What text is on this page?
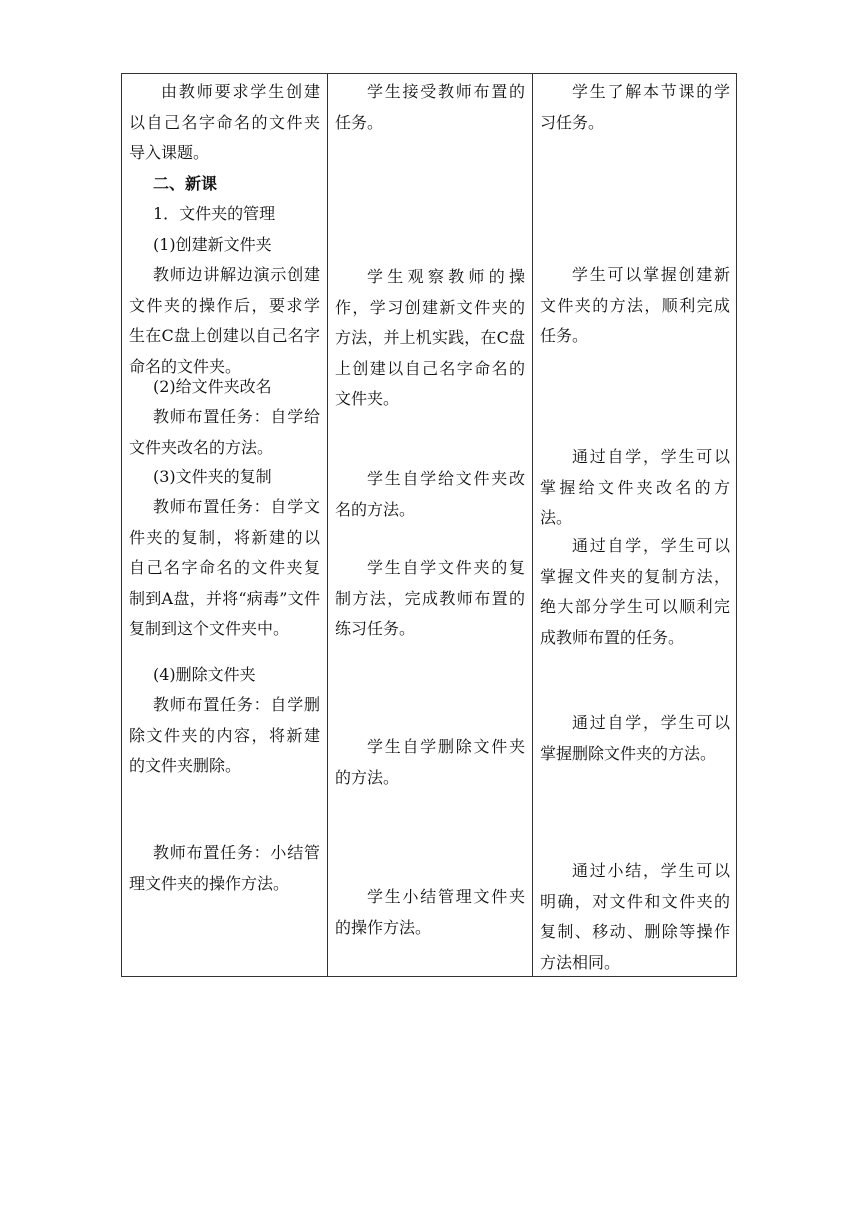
由教师要求学生创建以自己名字命名的文件夹导入课题。
二、新课
1．文件夹的管理
(1)创建新文件夹
教师边讲解边演示创建文件夹的操作后，要求学生在C盘上创建以自己名字命名的文件夹。
(2)给文件夹改名
教师布置任务：自学给文件夹改名的方法。
(3)文件夹的复制
教师布置任务：自学文件夹的复制，将新建的以自己名字命名的文件夹复制到A盘，并将“病毒”文件复制到这个文件夹中。
(4)删除文件夹
教师布置任务：自学删除文件夹的内容，将新建的文件夹删除。
教师布置任务：小结管理文件夹的操作方法。
学生接受教师布置的任务。
学生观察教师的操作，学习创建新文件夹的方法，并上机实践，在C盘上创建以自己名字命名的文件夹。
学生自学给文件夹改名的方法。
学生自学文件夹的复制方法，完成教师布置的练习任务。
学生自学删除文件夹的方法。
学生小结管理文件夹的操作方法。
学生了解本节课的学习任务。
学生可以掌握创建新文件夹的方法，顺利完成任务。
通过自学，学生可以掌握给文件夹改名的方法。
通过自学，学生可以掌握文件夹的复制方法，绝大部分学生可以顺利完成教师布置的任务。
通过自学，学生可以掌握删除文件夹的方法。
通过小结，学生可以明确，对文件和文件夹的复制、移动、删除等操作方法相同。
